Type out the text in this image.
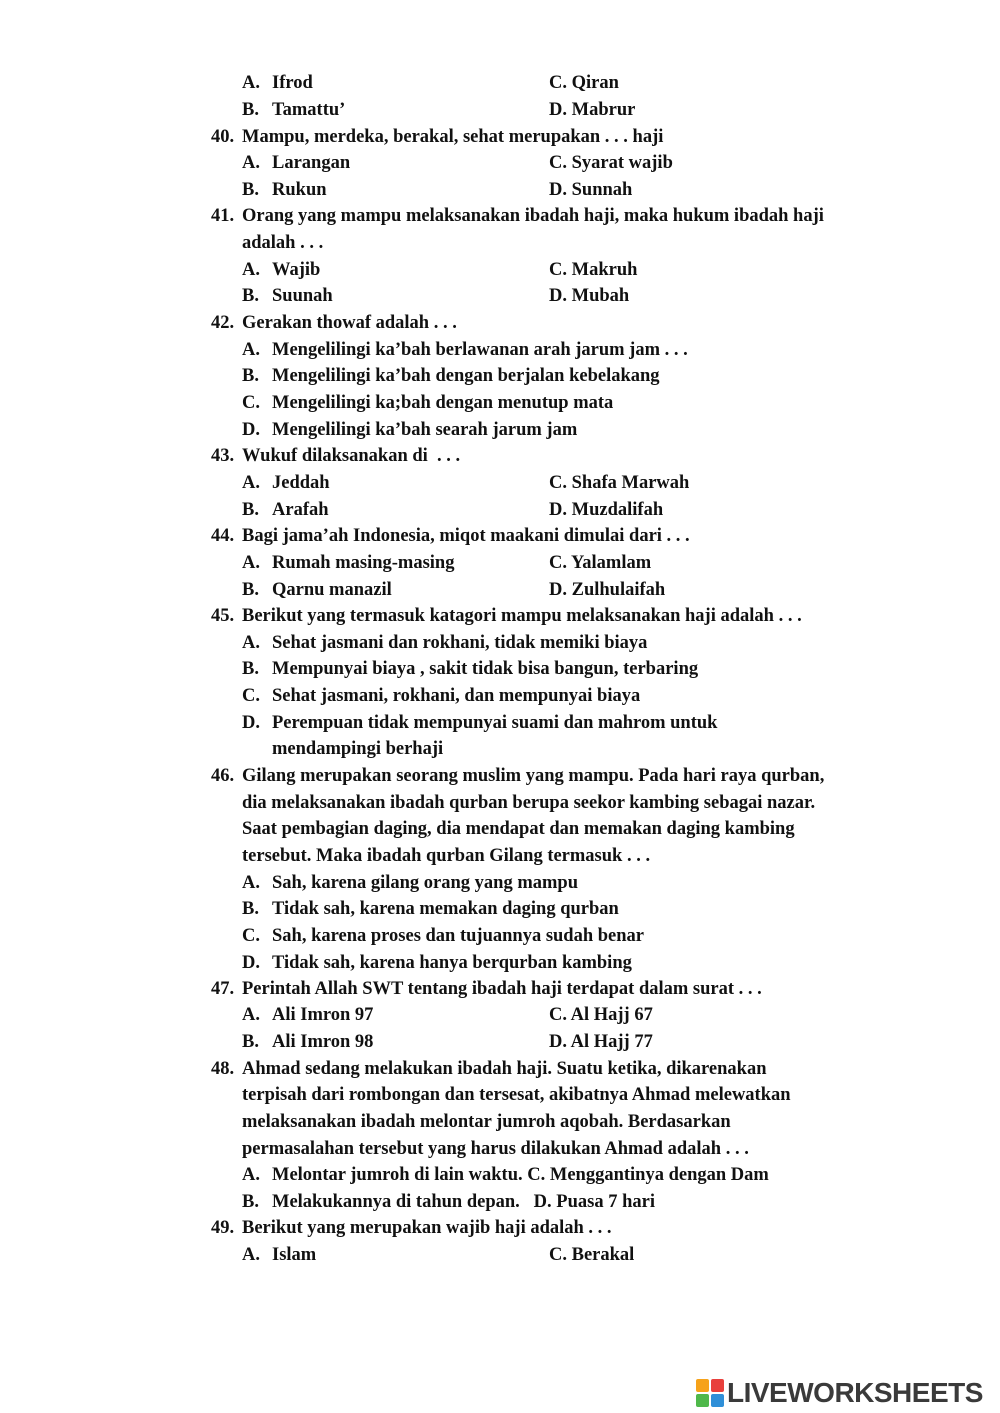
A. Ifrod	C. Qiran
B. Tamattu’	D. Mabrur
40. Mampu, merdeka, berakal, sehat merupakan . . . haji
A. Larangan	C. Syarat wajib
B. Rukun	D. Sunnah
41. Orang yang mampu melaksanakan ibadah haji, maka hukum ibadah haji
adalah . . .
A. Wajib	C. Makruh
B. Suunah	D. Mubah
42. Gerakan thowaf adalah . . .
A. Mengelilingi ka’bah berlawanan arah jarum jam . . .
B. Mengelilingi ka’bah dengan berjalan kebelakang
C. Mengelilingi ka;bah dengan menutup mata
D. Mengelilingi ka’bah searah jarum jam
43. Wukuf dilaksanakan di  . . .
A. Jeddah	C. Shafa Marwah
B. Arafah	D. Muzdalifah
44. Bagi jama’ah Indonesia, miqot maakani dimulai dari . . .
A. Rumah masing-masing	C. Yalamlam
B. Qarnu manazil	D. Zulhulaifah
45. Berikut yang termasuk katagori mampu melaksanakan haji adalah . . .
A. Sehat jasmani dan rokhani, tidak memiki biaya
B. Mempunyai biaya , sakit tidak bisa bangun, terbaring
C. Sehat jasmani, rokhani, dan mempunyai biaya
D. Perempuan tidak mempunyai suami dan mahrom untuk
mendampingi berhaji
46. Gilang merupakan seorang muslim yang mampu. Pada hari raya qurban,
dia melaksanakan ibadah qurban berupa seekor kambing sebagai nazar.
Saat pembagian daging, dia mendapat dan memakan daging kambing
tersebut. Maka ibadah qurban Gilang termasuk . . .
A. Sah, karena gilang orang yang mampu
B. Tidak sah, karena memakan daging qurban
C. Sah, karena proses dan tujuannya sudah benar
D. Tidak sah, karena hanya berqurban kambing
47. Perintah Allah SWT tentang ibadah haji terdapat dalam surat . . .
A. Ali Imron 97	C. Al Hajj 67
B. Ali Imron 98	D. Al Hajj 77
48. Ahmad sedang melakukan ibadah haji. Suatu ketika, dikarenakan
terpisah dari rombongan dan tersesat, akibatnya Ahmad melewatkan
melaksanakan ibadah melontar jumroh aqobah. Berdasarkan
permasalahan tersebut yang harus dilakukan Ahmad adalah . . .
A. Melontar jumroh di lain waktu. C. Menggantinya dengan Dam
B. Melakukannya di tahun depan.   D. Puasa 7 hari
49. Berikut yang merupakan wajib haji adalah . . .
A. Islam	C. Berakal
LIVEWORKSHEETS
